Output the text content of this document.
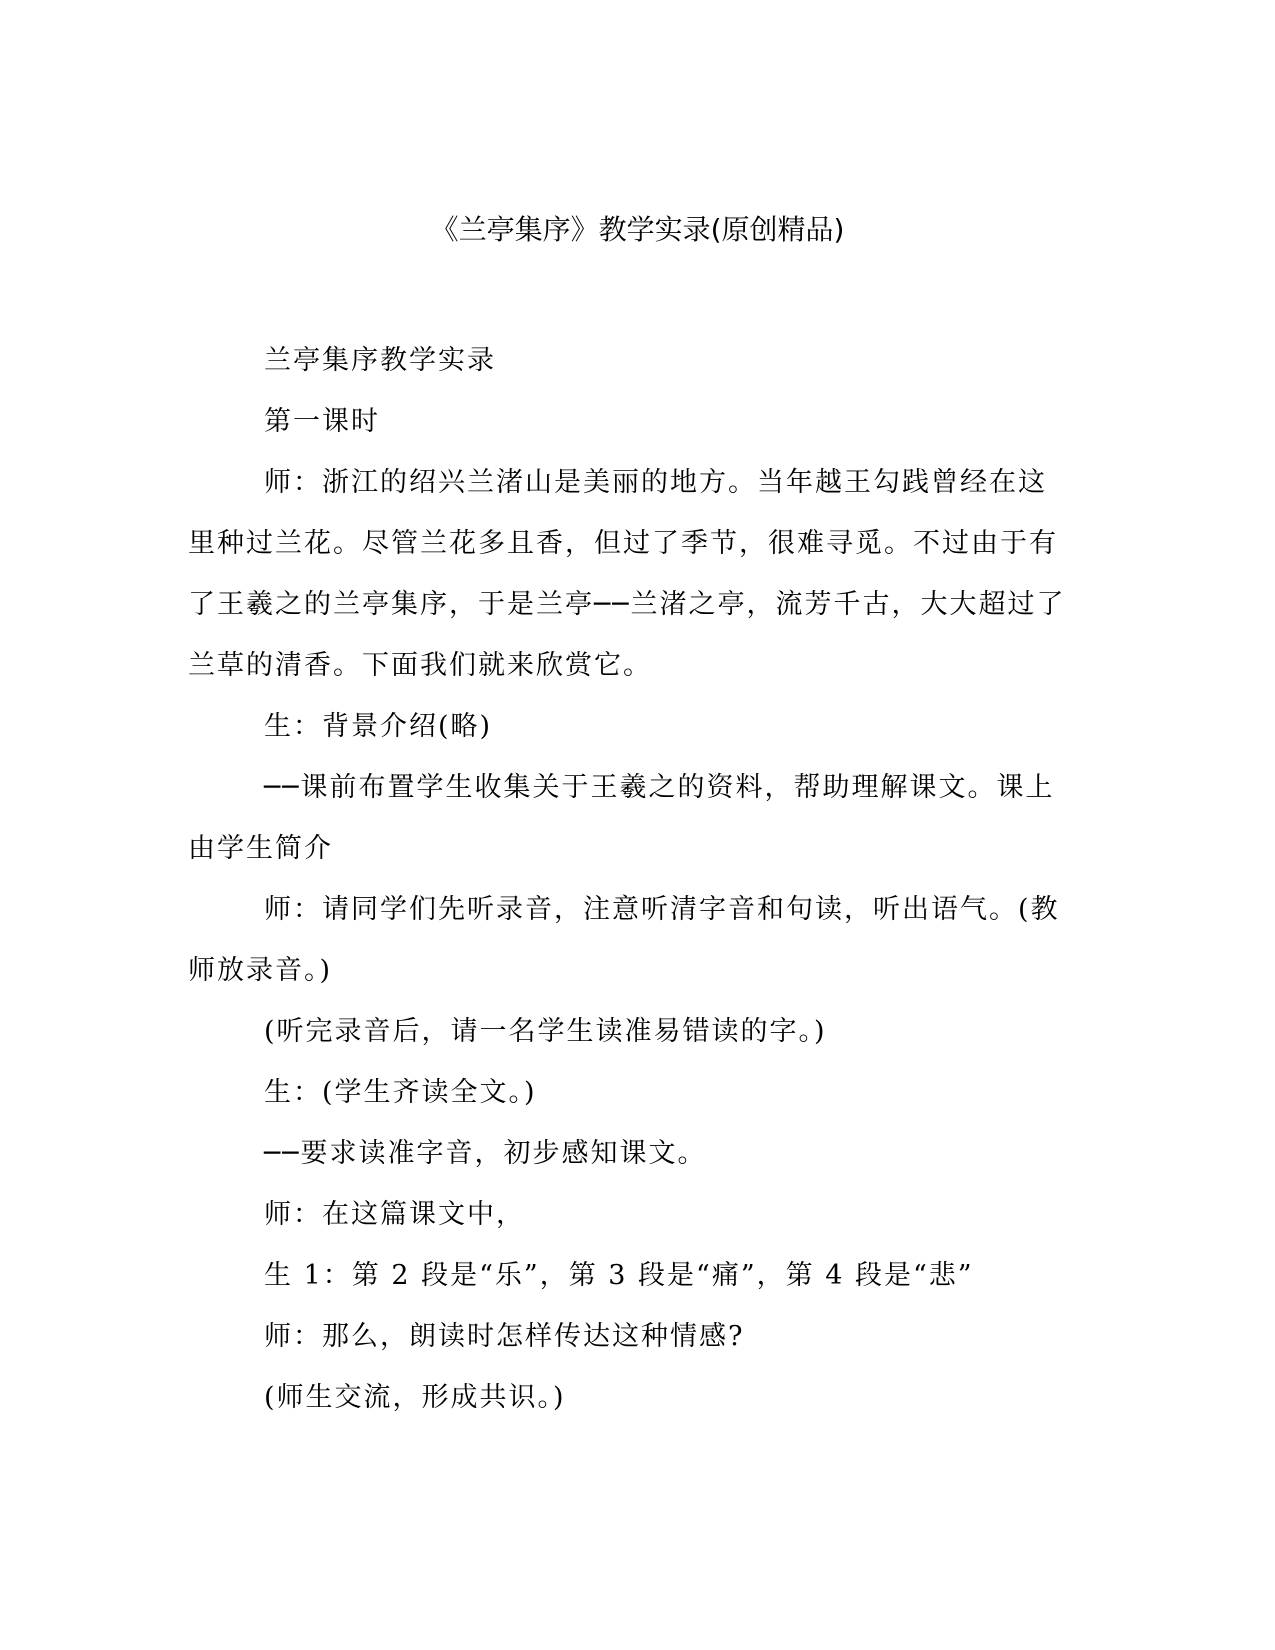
《兰亭集序》教学实录(原创精品)

兰亭集序教学实录

第一课时

师：浙江的绍兴兰渚山是美丽的地方。当年越王勾践曾经在这里种过兰花。尽管兰花多且香，但过了季节，很难寻觅。不过由于有了王羲之的兰亭集序，于是兰亭──兰渚之亭，流芳千古，大大超过了兰草的清香。下面我们就来欣赏它。

生：背景介绍(略)

──课前布置学生收集关于王羲之的资料，帮助理解课文。课上由学生简介

师：请同学们先听录音，注意听清字音和句读，听出语气。(教师放录音。)

(听完录音后，请一名学生读准易错读的字。)

生：(学生齐读全文。)

──要求读准字音，初步感知课文。

师：在这篇课文中，

生 1：第 2 段是“乐”，第 3 段是“痛”，第 4 段是“悲”

师：那么，朗读时怎样传达这种情感?

(师生交流，形成共识。)
